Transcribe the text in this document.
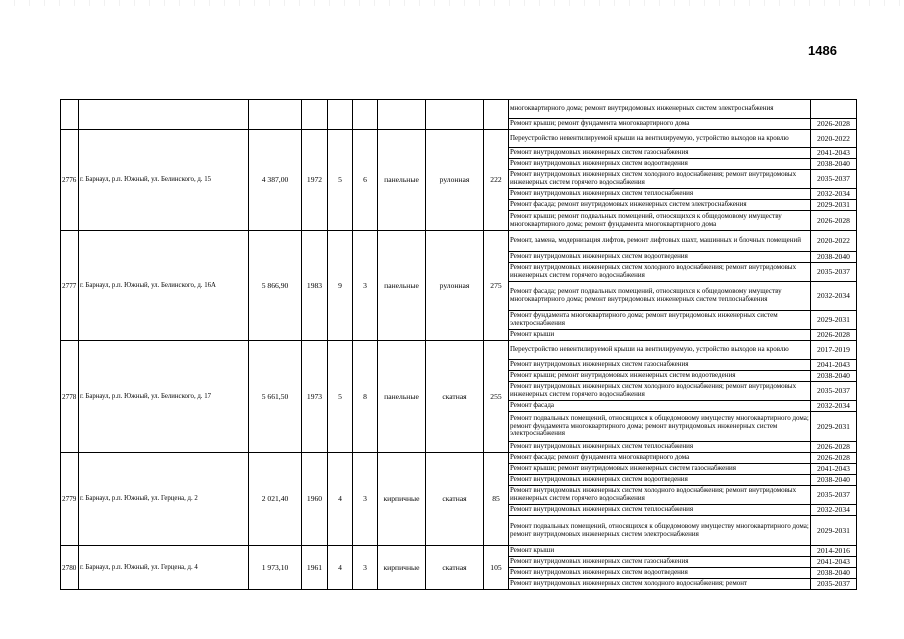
1486
									многоквартирного дома; ремонт внутридомовых инженерных систем электроснабжения	
									Ремонт крыши; ремонт фундамента многоквартирного дома	2026-2028
2776	г. Барнаул, р.п. Южный, ул. Белинского, д. 15	4 387,00	1972	5	6	панельные	рулонная	222	Переустройство невентилируемой крыши на вентилируемую, устройство выходов на кровлю	2020-2022
									Ремонт внутридомовых инженерных систем газоснабжения	2041-2043
									Ремонт внутридомовых инженерных систем водоотведения	2038-2040
									Ремонт внутридомовых инженерных систем холодного водоснабжения; ремонт внутридомовых инженерных систем горячего водоснабжения	2035-2037
									Ремонт внутридомовых инженерных систем теплоснабжения	2032-2034
									Ремонт фасада; ремонт внутридомовых инженерных систем электроснабжения	2029-2031
									Ремонт крыши; ремонт подвальных помещений, относящихся к общедомовому имуществу многоквартирного дома; ремонт фундамента многоквартирного дома	2026-2028
2777	г. Барнаул, р.п. Южный, ул. Белинского, д. 16А	5 866,90	1983	9	3	панельные	рулонная	275	Ремонт, замена, модернизация лифтов, ремонт лифтовых шахт, машинных и блочных помещений	2020-2022
									Ремонт внутридомовых инженерных систем водоотведения	2038-2040
									Ремонт внутридомовых инженерных систем холодного водоснабжения; ремонт внутридомовых инженерных систем горячего водоснабжения	2035-2037
									Ремонт фасада; ремонт подвальных помещений, относящихся к общедомовому имуществу многоквартирного дома; ремонт внутридомовых инженерных систем теплоснабжения	2032-2034
									Ремонт фундамента многоквартирного дома; ремонт внутридомовых инженерных систем электроснабжения	2029-2031
									Ремонт крыши	2026-2028
2778	г. Барнаул, р.п. Южный, ул. Белинского, д. 17	5 661,50	1973	5	8	панельные	скатная	255	Переустройство невентилируемой крыши на вентилируемую, устройство выходов на кровлю	2017-2019
									Ремонт внутридомовых инженерных систем газоснабжения	2041-2043
									Ремонт крыши; ремонт внутридомовых инженерных систем водоотведения	2038-2040
									Ремонт внутридомовых инженерных систем холодного водоснабжения; ремонт внутридомовых инженерных систем горячего водоснабжения	2035-2037
									Ремонт фасада	2032-2034
									Ремонт подвальных помещений, относящихся к общедомовому имуществу многоквартирного дома; ремонт фундамента многоквартирного дома; ремонт внутридомовых инженерных систем электроснабжения	2029-2031
									Ремонт внутридомовых инженерных систем теплоснабжения	2026-2028
2779	г. Барнаул, р.п. Южный, ул. Герцена, д. 2	2 021,40	1960	4	3	кирпичные	скатная	85	Ремонт фасада; ремонт фундамента многоквартирного дома	2026-2028
									Ремонт крыши; ремонт внутридомовых инженерных систем газоснабжения	2041-2043
									Ремонт внутридомовых инженерных систем водоотведения	2038-2040
									Ремонт внутридомовых инженерных систем холодного водоснабжения; ремонт внутридомовых инженерных систем горячего водоснабжения	2035-2037
									Ремонт внутридомовых инженерных систем теплоснабжения	2032-2034
									Ремонт подвальных помещений, относящихся к общедомовому имуществу многоквартирного дома; ремонт внутридомовых инженерных систем электроснабжения	2029-2031
2780	г. Барнаул, р.п. Южный, ул. Герцена, д. 4	1 973,10	1961	4	3	кирпичные	скатная	105	Ремонт крыши	2014-2016
									Ремонт внутридомовых инженерных систем газоснабжения	2041-2043
									Ремонт внутридомовых инженерных систем водоотведения	2038-2040
									Ремонт внутридомовых инженерных систем холодного водоснабжения; ремонт	2035-2037
